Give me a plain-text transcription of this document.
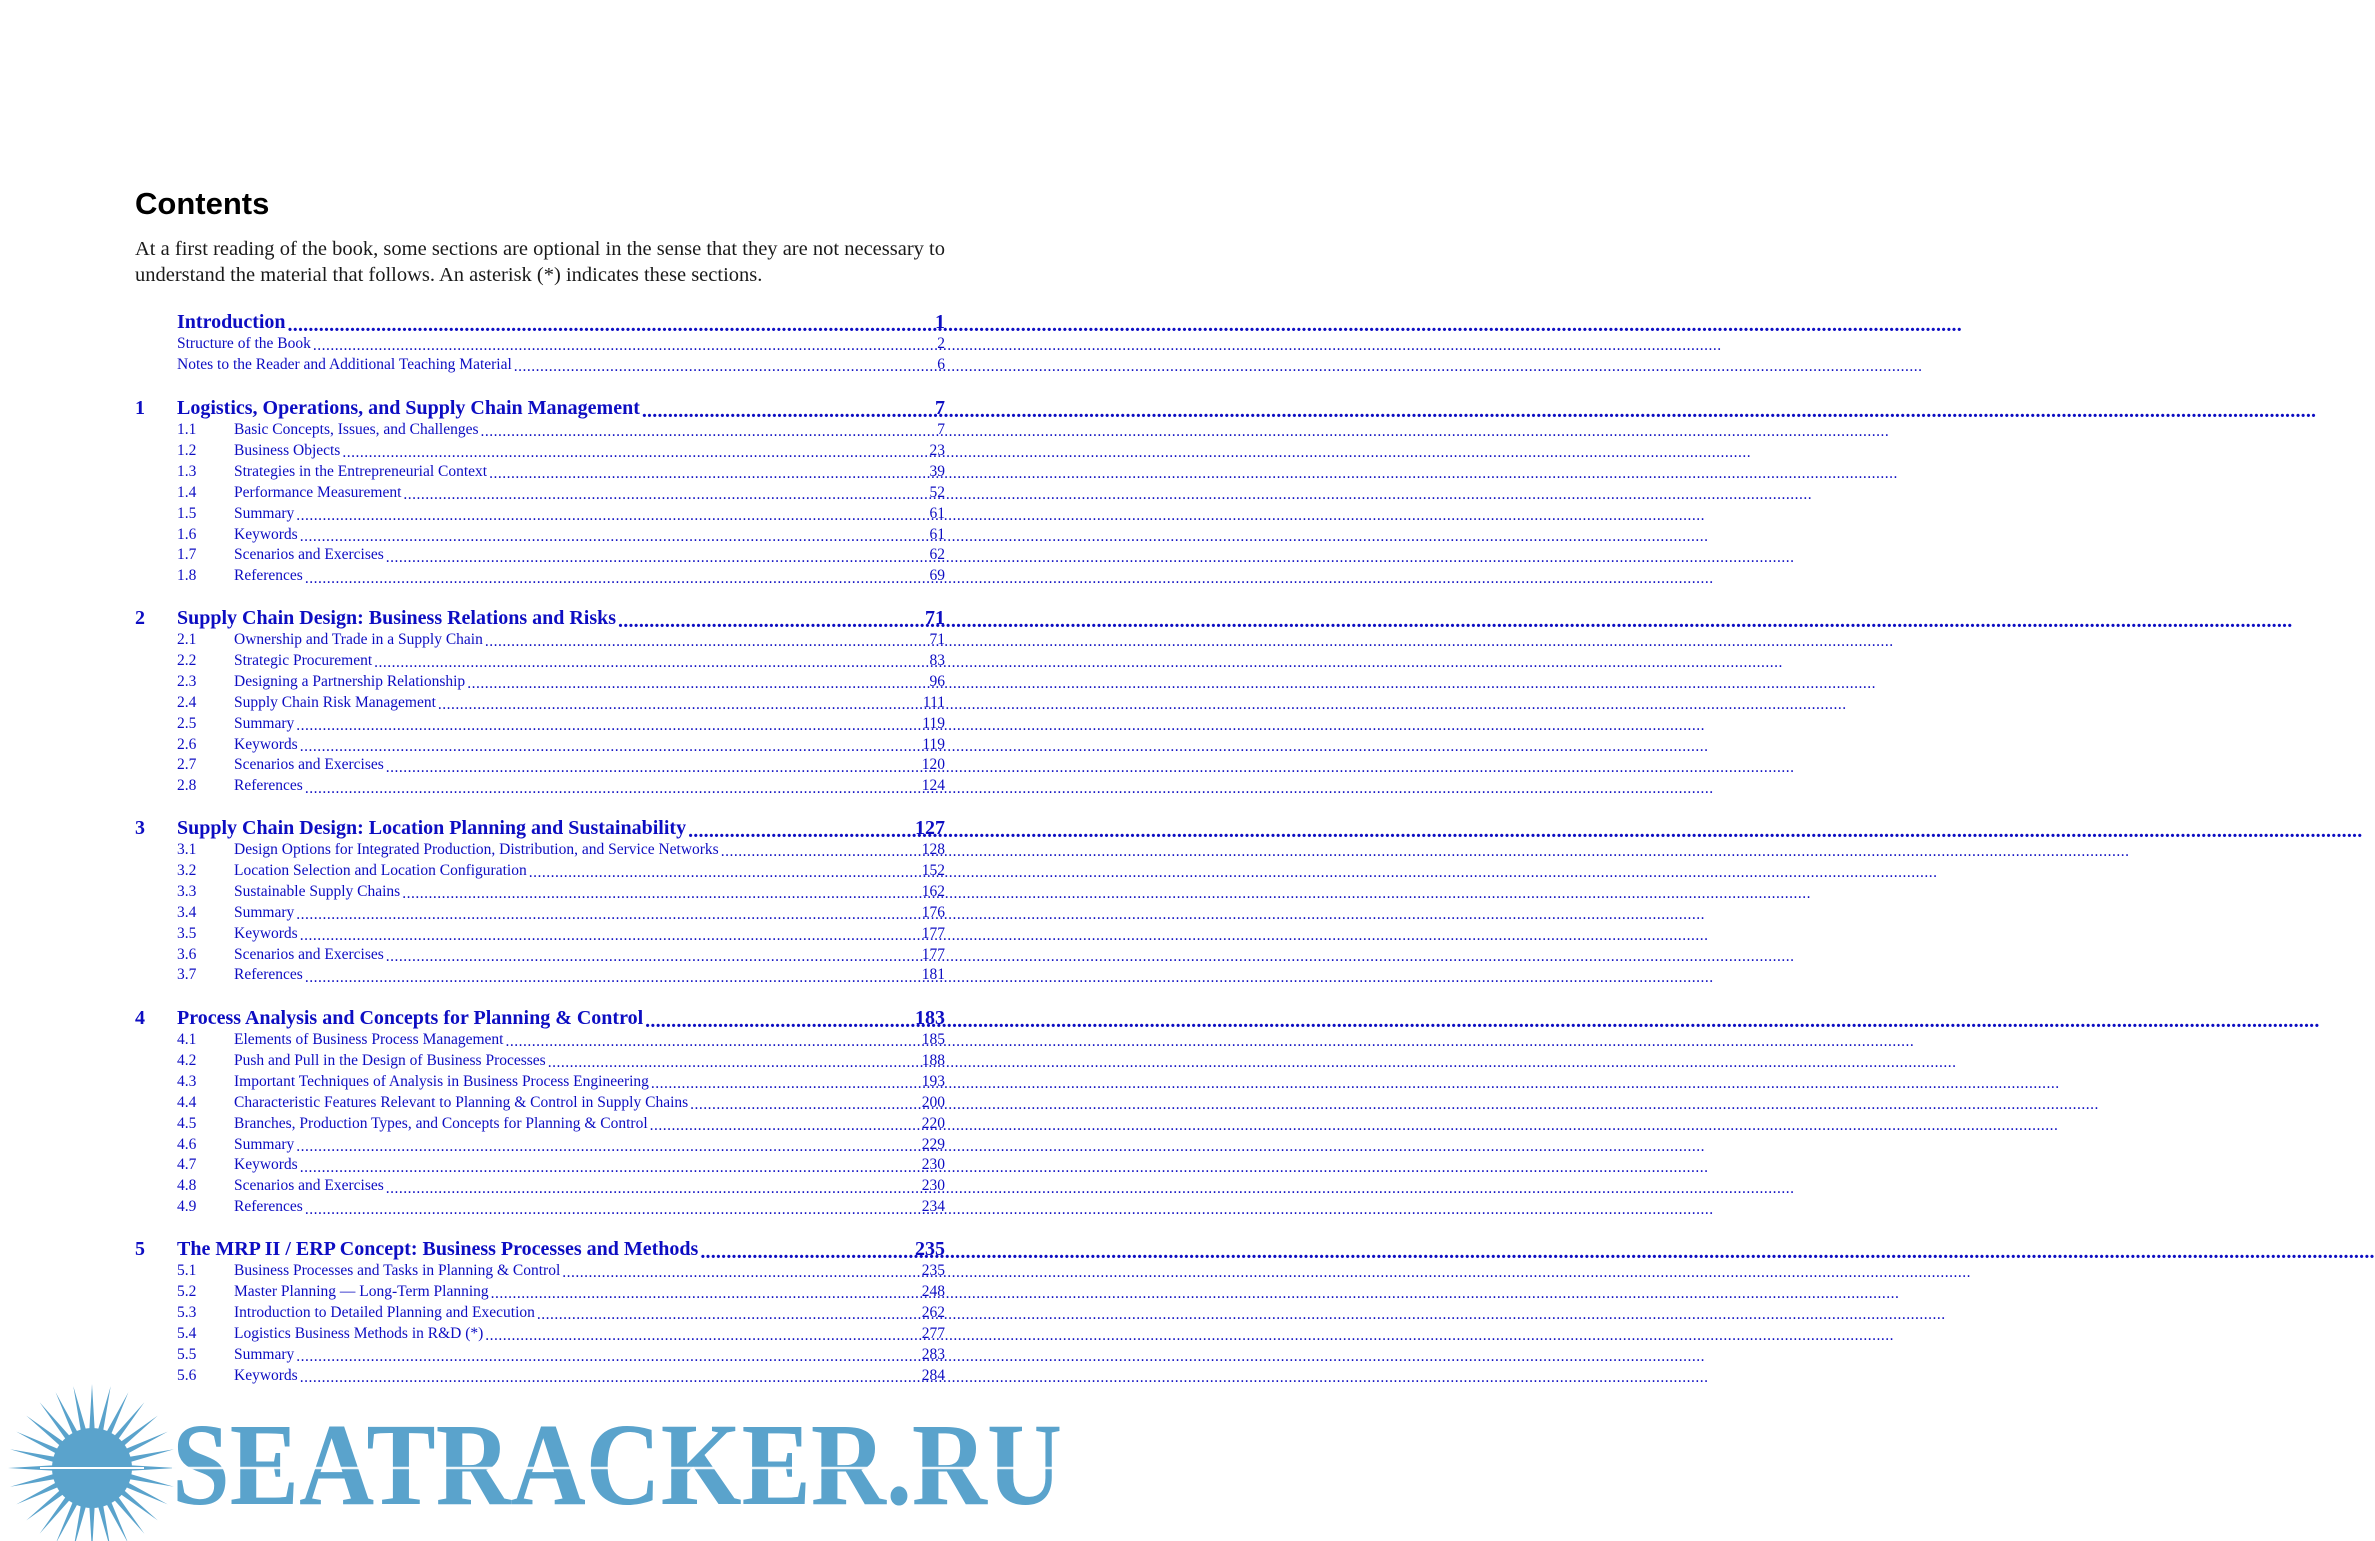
Contents

At a first reading of the book, some sections are optional in the sense that they are not necessary to understand the material that follows. An asterisk (*) indicates these sections.

Introduction .....	1
Structure of the Book .....	2
Notes to the Reader and Additional Teaching Material .....	6
1	Logistics, Operations, and Supply Chain Management .....	7
1.1	Basic Concepts, Issues, and Challenges .....	7
1.2	Business Objects .....	23
1.3	Strategies in the Entrepreneurial Context .....	39
1.4	Performance Measurement .....	52
1.5	Summary .....	61
1.6	Keywords .....	61
1.7	Scenarios and Exercises .....	62
1.8	References .....	69
2	Supply Chain Design: Business Relations and Risks .....	71
2.1	Ownership and Trade in a Supply Chain .....	71
2.2	Strategic Procurement .....	83
2.3	Designing a Partnership Relationship .....	96
2.4	Supply Chain Risk Management .....	111
2.5	Summary .....	119
2.6	Keywords .....	119
2.7	Scenarios and Exercises .....	120
2.8	References .....	124
3	Supply Chain Design: Location Planning and Sustainability .....	127
3.1	Design Options for Integrated Production, Distribution, and Service Networks .....	128
3.2	Location Selection and Location Configuration .....	152
3.3	Sustainable Supply Chains .....	162
3.4	Summary .....	176
3.5	Keywords .....	177
3.6	Scenarios and Exercises .....	177
3.7	References .....	181
4	Process Analysis and Concepts for Planning & Control .....	183
4.1	Elements of Business Process Management .....	185
4.2	Push and Pull in the Design of Business Processes .....	188
4.3	Important Techniques of Analysis in Business Process Engineering .....	193
4.4	Characteristic Features Relevant to Planning & Control in Supply Chains .....	200
4.5	Branches, Production Types, and Concepts for Planning & Control .....	220
4.6	Summary .....	229
4.7	Keywords .....	230
4.8	Scenarios and Exercises .....	230
4.9	References .....	234
5	The MRP II / ERP Concept: Business Processes and Methods .....	235
5.1	Business Processes and Tasks in Planning & Control .....	235
5.2	Master Planning — Long-Term Planning .....	248
5.3	Introduction to Detailed Planning and Execution .....	262
5.4	Logistics Business Methods in R&D (*) .....	277
5.5	Summary .....	283
5.6	Keywords .....	284
SEATRACKER.RU
